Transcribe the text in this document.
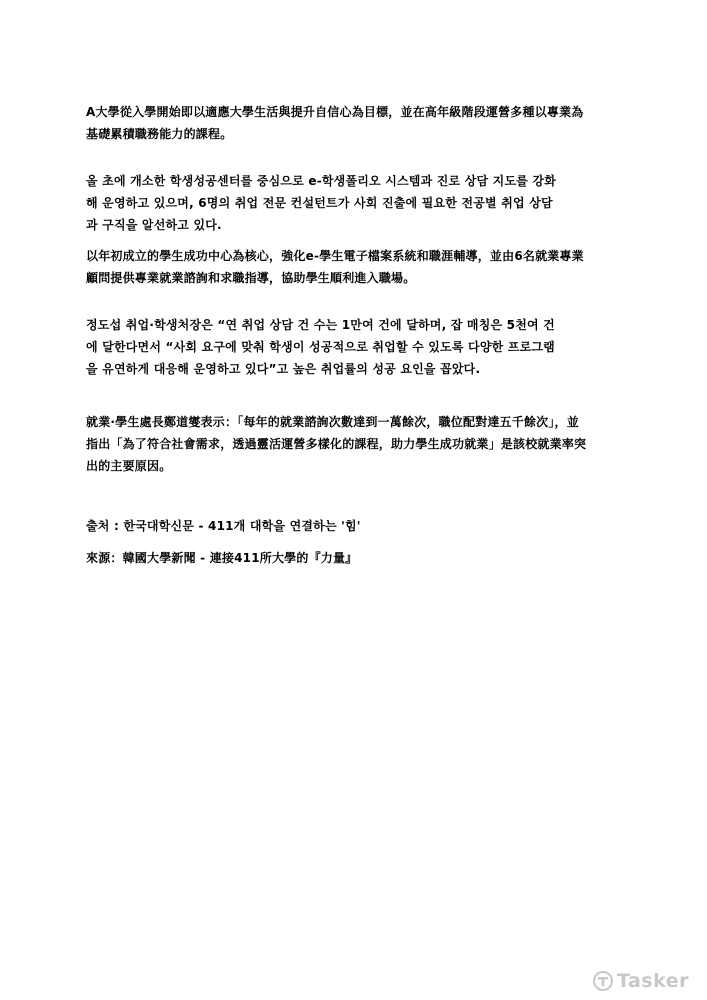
A大學從入學開始即以適應大學生活與提升自信心為目標，並在高年級階段運營多種以專業為
基礎累積職務能力的課程。

올 초에 개소한 학생성공센터를 중심으로 e-학생폴리오 시스템과 진로 상담 지도를 강화
해 운영하고 있으며, 6명의 취업 전문 컨설턴트가 사회 진출에 필요한 전공별 취업 상담
과 구직을 알선하고 있다.

以年初成立的學生成功中心為核心，強化e-學生電子檔案系統和職涯輔導，並由6名就業專業
顧問提供專業就業諮詢和求職指導，協助學生順利進入職場。

정도섭 취업·학생처장은 “연 취업 상담 건 수는 1만여 건에 달하며, 잡 매칭은 5천여 건
에 달한다면서 “사회 요구에 맞춰 학생이 성공적으로 취업할 수 있도록 다양한 프로그램
을 유연하게 대응해 운영하고 있다”고 높은 취업률의 성공 요인을 꼽았다.

就業·學生處長鄭道燮表示：「每年的就業諮詢次數達到一萬餘次，職位配對達五千餘次」，並
指出「為了符合社會需求，透過靈活運營多樣化的課程，助力學生成功就業」是該校就業率突
出的主要原因。

출처 : 한국대학신문 - 411개 대학을 연결하는 '힘'

來源：韓國大學新聞 - 連接411所大學的『力量』

Tasker
